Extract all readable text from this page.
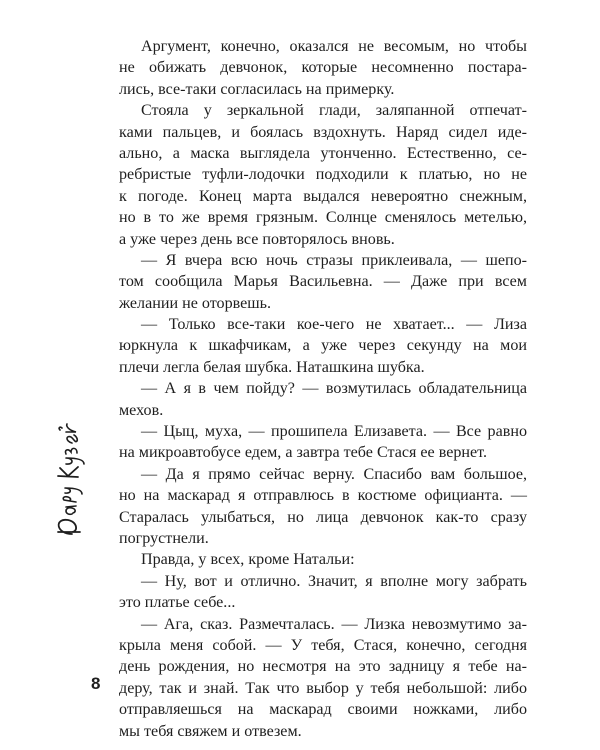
Аргумент, конечно, оказался не весомым, но чтобы
не обижать девчонок, которые несомненно постара-
лись, все-таки согласилась на примерку.
Стояла у зеркальной глади, заляпанной отпечат-
ками пальцев, и боялась вздохнуть. Наряд сидел иде-
ально, а маска выглядела утонченно. Естественно, се-
ребристые туфли-лодочки подходили к платью, но не
к погоде. Конец марта выдался невероятно снежным,
но в то же время грязным. Солнце сменялось метелью,
а уже через день все повторялось вновь.
— Я вчера всю ночь стразы приклеивала, — шепо-
том сообщила Марья Васильевна. — Даже при всем
желании не оторвешь.
— Только все-таки кое-чего не хватает... — Лиза
юркнула к шкафчикам, а уже через секунду на мои
плечи легла белая шубка. Наташкина шубка.
— А я в чем пойду? — возмутилась обладательница
мехов.
— Цыц, муха, — прошипела Елизавета. — Все равно
на микроавтобусе едем, а завтра тебе Стася ее вернет.
— Да я прямо сейчас верну. Спасибо вам большое,
но на маскарад я отправлюсь в костюме официанта. —
Старалась улыбаться, но лица девчонок как-то сразу
погрустнели.
Правда, у всех, кроме Натальи:
— Ну, вот и отлично. Значит, я вполне могу забрать
это платье себе...
— Ага, сказ. Размечталась. — Лизка невозмутимо за-
крыла меня собой. — У тебя, Стася, конечно, сегодня
день рождения, но несмотря на это задницу я тебе на-
деру, так и знай. Так что выбор у тебя небольшой: либо
отправляешься на маскарад своими ножками, либо
мы тебя свяжем и отвезем.
8
